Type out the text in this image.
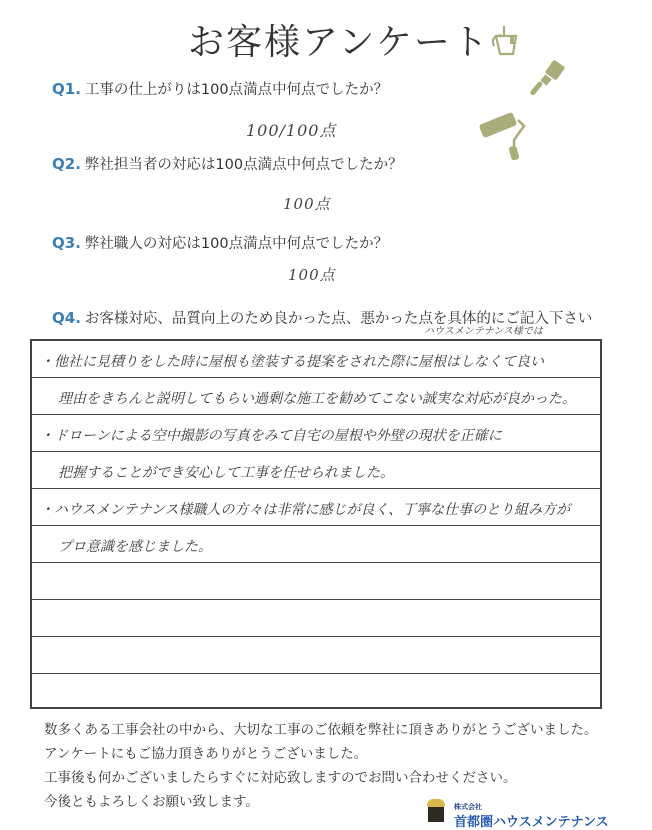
お客様アンケート
Q1. 工事の仕上がりは100点満点中何点でしたか？
100/100点
Q2. 弊社担当者の対応は100点満点中何点でしたか？
100点
Q3. 弊社職人の対応は100点満点中何点でしたか？
100点
Q4. お客様対応、品質向上のため良かった点、悪かった点を具体的にご記入下さい
ハウスメンテナンス様では
・他社に見積りをした時に屋根も塗装する提案をされた際に屋根はしなくて良い
理由をきちんと説明してもらい過剰な施工を勧めてこない誠実な対応が良かった。
・ドローンによる空中撮影の写真をみて自宅の屋根や外壁の現状を正確に
把握することができ安心して工事を任せられました。
・ハウスメンテナンス様職人の方々は非常に感じが良く、丁寧な仕事のとり組み方が
プロ意識を感じました。
数多くある工事会社の中から、大切な工事のご依頼を弊社に頂きありがとうございました。
アンケートにもご協力頂きありがとうございました。
工事後も何かございましたらすぐに対応致しますのでお問い合わせください。
今後ともよろしくお願い致します。	株式会社
首都圏ハウスメンテナンス
